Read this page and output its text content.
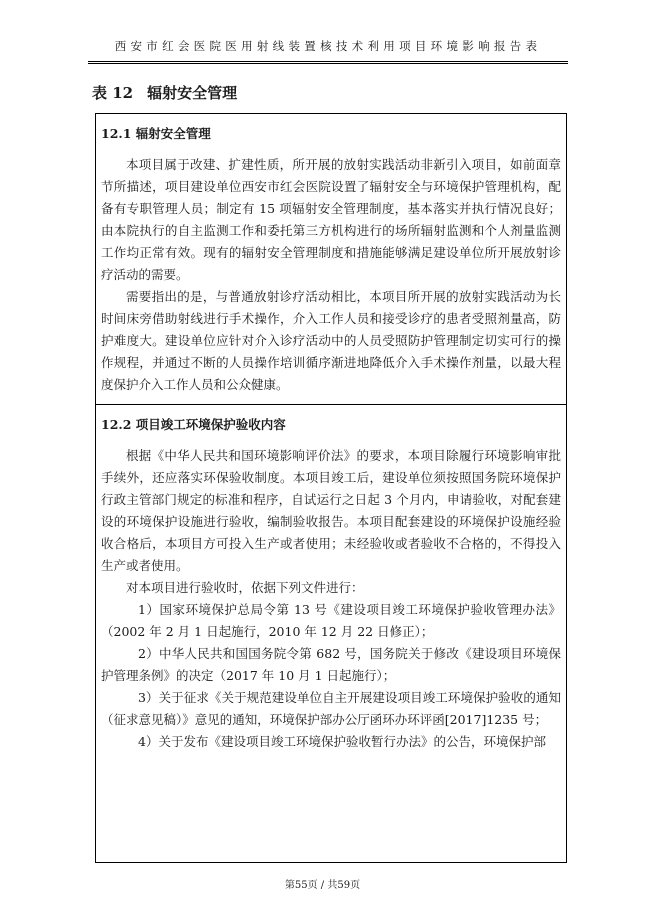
西安市红会医院医用射线装置核技术利用项目环境影响报告表
表 12 辐射安全管理
12.1 辐射安全管理

本项目属于改建、扩建性质，所开展的放射实践活动非新引入项目，如前面章节所描述，项目建设单位西安市红会医院设置了辐射安全与环境保护管理机构，配备有专职管理人员；制定有 15 项辐射安全管理制度，基本落实并执行情况良好；由本院执行的自主监测工作和委托第三方机构进行的场所辐射监测和个人剂量监测工作均正常有效。现有的辐射安全管理制度和措施能够满足建设单位所开展放射诊疗活动的需要。

需要指出的是，与普通放射诊疗活动相比，本项目所开展的放射实践活动为长时间床旁借助射线进行手术操作，介入工作人员和接受诊疗的患者受照剂量高，防护难度大。建设单位应针对介入诊疗活动中的人员受照防护管理制定切实可行的操作规程，并通过不断的人员操作培训循序渐进地降低介入手术操作剂量，以最大程度保护介入工作人员和公众健康。

12.2 项目竣工环境保护验收内容

根据《中华人民共和国环境影响评价法》的要求，本项目除履行环境影响审批手续外，还应落实环保验收制度。本项目竣工后，建设单位须按照国务院环境保护行政主管部门规定的标准和程序，自试运行之日起 3 个月内，申请验收，对配套建设的环境保护设施进行验收，编制验收报告。本项目配套建设的环境保护设施经验收合格后，本项目方可投入生产或者使用；未经验收或者验收不合格的，不得投入生产或者使用。

对本项目进行验收时，依据下列文件进行：

1）国家环境保护总局令第 13 号《建设项目竣工环境保护验收管理办法》（2002 年 2 月 1 日起施行，2010 年 12 月 22 日修正）；

2）中华人民共和国国务院令第 682 号，国务院关于修改《建设项目环境保护管理条例》的决定（2017 年 10 月 1 日起施行）；

3）关于征求《关于规范建设单位自主开展建设项目竣工环境保护验收的通知（征求意见稿）》意见的通知，环境保护部办公厅函环办环评函[2017]1235 号；

4）关于发布《建设项目竣工环境保护验收暂行办法》的公告，环境保护部

第55页 / 共59页
